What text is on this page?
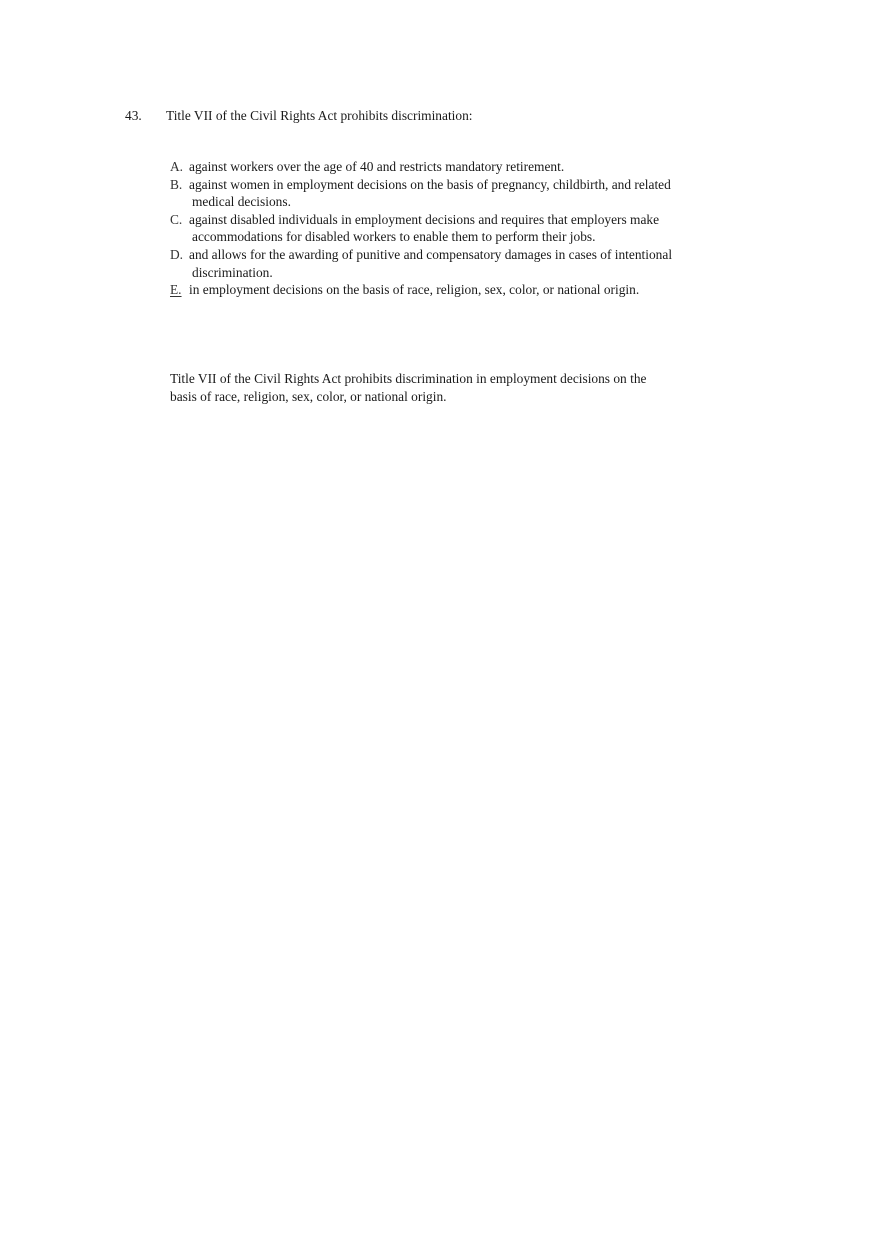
43. Title VII of the Civil Rights Act prohibits discrimination:
A. against workers over the age of 40 and restricts mandatory retirement.
B. against women in employment decisions on the basis of pregnancy, childbirth, and related medical decisions.
C. against disabled individuals in employment decisions and requires that employers make accommodations for disabled workers to enable them to perform their jobs.
D. and allows for the awarding of punitive and compensatory damages in cases of intentional discrimination.
E. in employment decisions on the basis of race, religion, sex, color, or national origin.

Title VII of the Civil Rights Act prohibits discrimination in employment decisions on the basis of race, religion, sex, color, or national origin.
